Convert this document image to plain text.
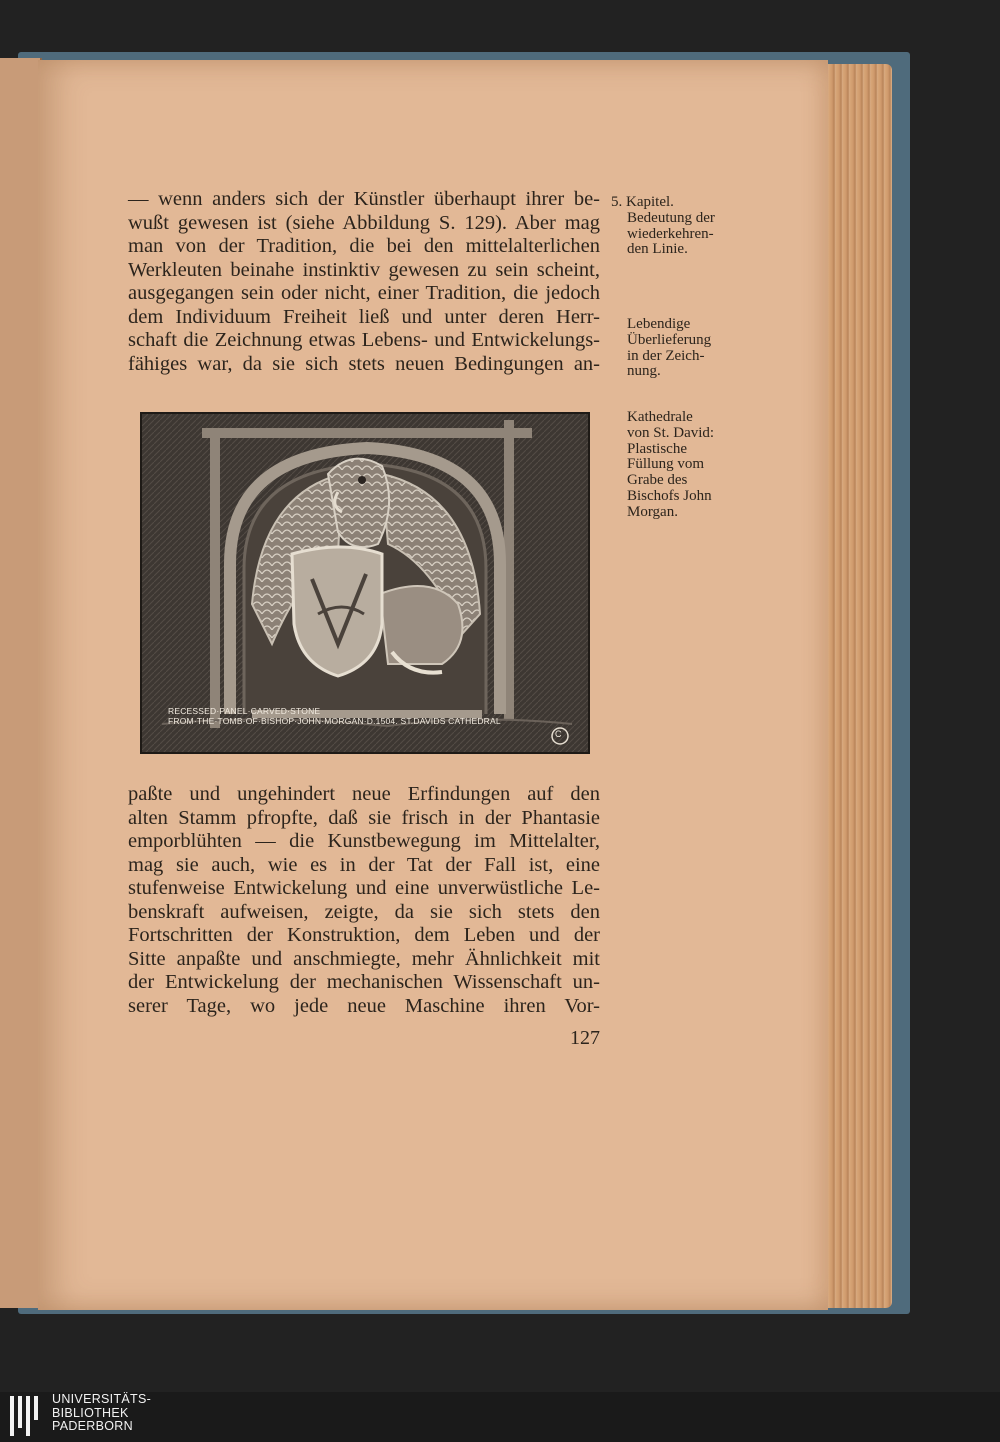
— wenn anders sich der Künstler überhaupt ihrer be-
wußt gewesen ist (siehe Abbildung S. 129). Aber mag
man von der Tradition, die bei den mittelalterlichen
Werkleuten beinahe instinktiv gewesen zu sein scheint,
ausgegangen sein oder nicht, einer Tradition, die jedoch
dem Individuum Freiheit ließ und unter deren Herr-
schaft die Zeichnung etwas Lebens- und Entwickelungs-
fähiges war, da sie sich stets neuen Bedingungen an-
RECESSED·PANEL·CARVED·STONE
FROM·THE·TOMB·OF·BISHOP·JOHN·MORGAN·D.1504. ST.DAVIDS CATHEDRAL
C
paßte und ungehindert neue Erfindungen auf den
alten Stamm pfropfte, daß sie frisch in der Phantasie
emporblühten — die Kunstbewegung im Mittelalter,
mag sie auch, wie es in der Tat der Fall ist, eine
stufenweise Entwickelung und eine unverwüstliche Le-
benskraft aufweisen, zeigte, da sie sich stets den
Fortschritten der Konstruktion, dem Leben und der
Sitte anpaßte und anschmiegte, mehr Ähnlichkeit mit
der Entwickelung der mechanischen Wissenschaft un-
serer Tage, wo jede neue Maschine ihren Vor-
127
5. Kapitel.
Bedeutung der
wiederkehren-
den Linie.
Lebendige
Überlieferung
in der Zeich-
nung.
Kathedrale
von St. David:
Plastische
Füllung vom
Grabe des
Bischofs John
Morgan.
UNIVERSITÄTS-
BIBLIOTHEK
PADERBORN
